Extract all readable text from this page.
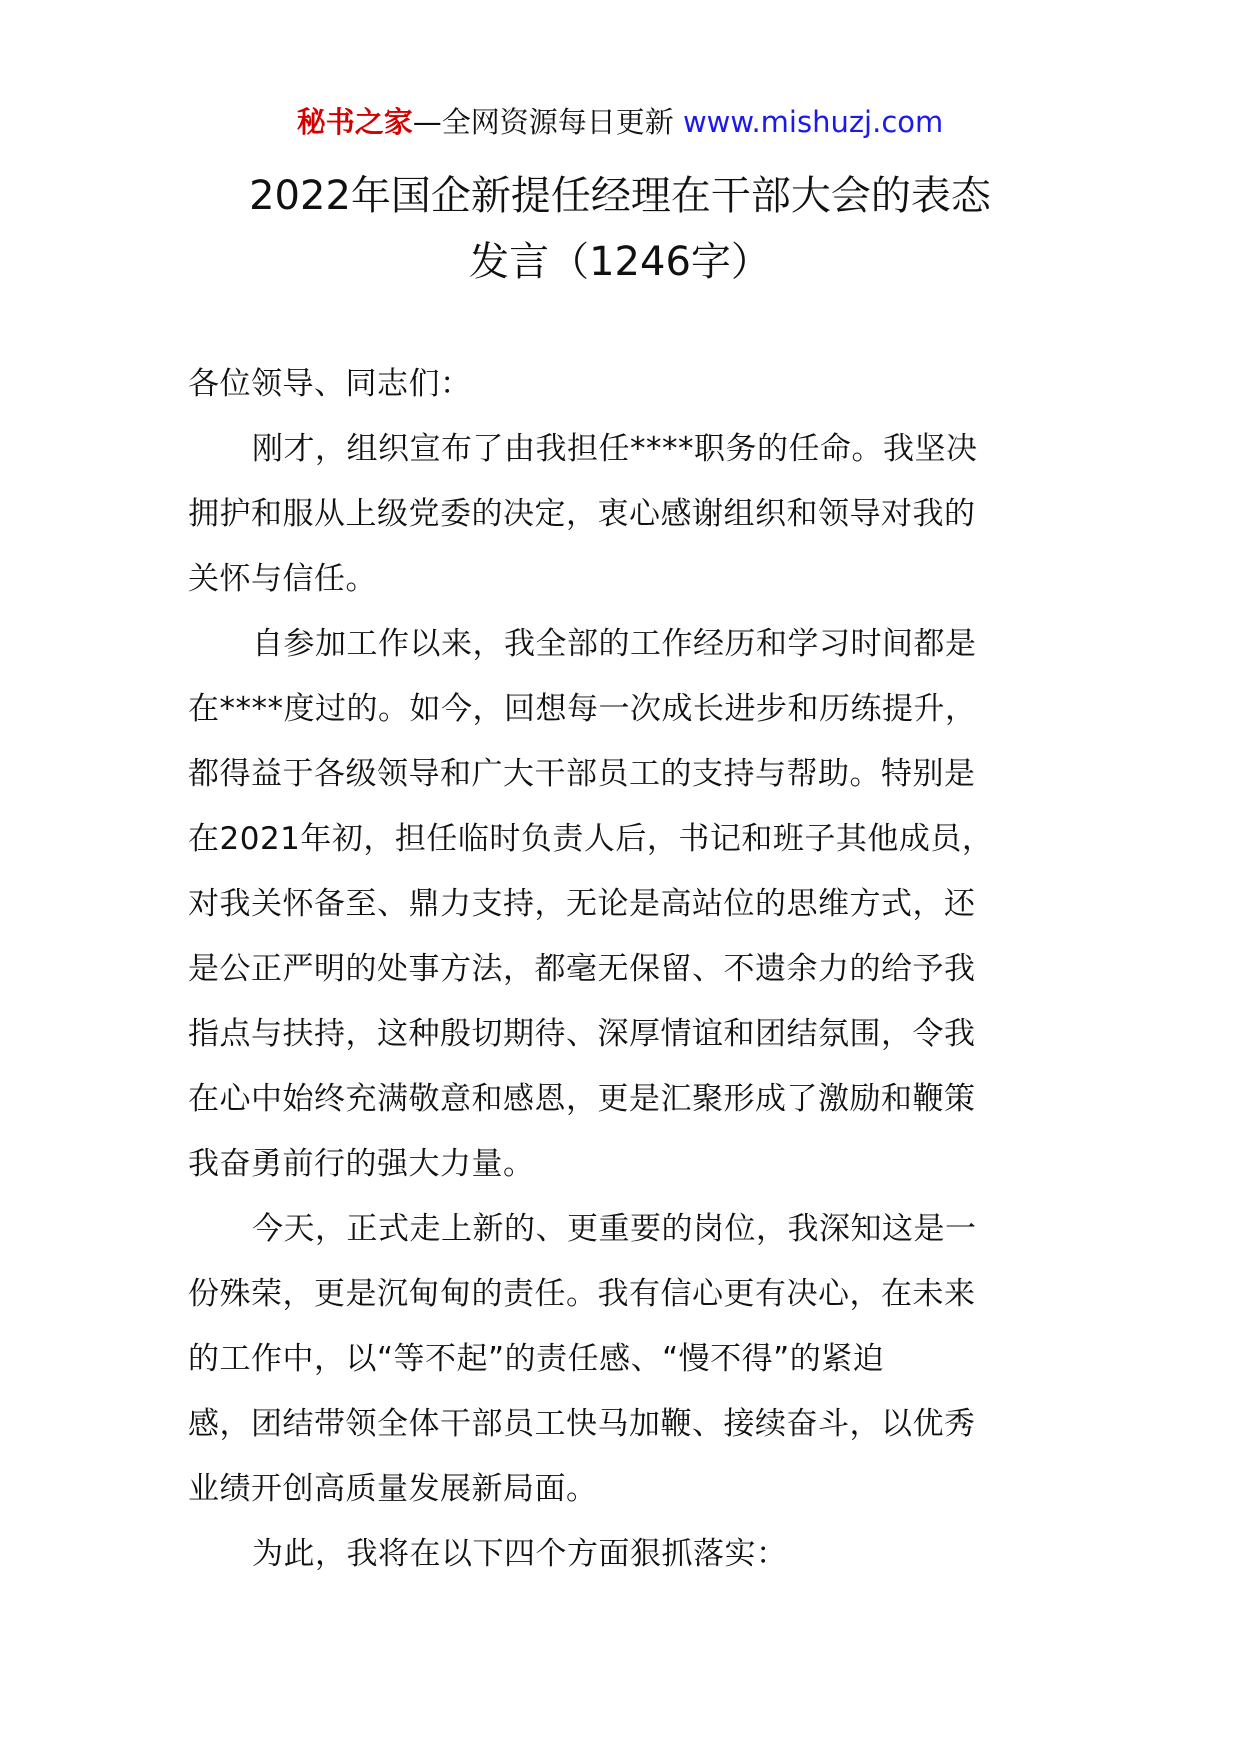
秘书之家—全网资源每日更新 www.mishuzj.com
2022年国企新提任经理在干部大会的表态
发言（1246字）

各位领导、同志们：

刚才，组织宣布了由我担任****职务的任命。我坚决
拥护和服从上级党委的决定，衷心感谢组织和领导对我的
关怀与信任。

自参加工作以来，我全部的工作经历和学习时间都是
在****度过的。如今，回想每一次成长进步和历练提升，
都得益于各级领导和广大干部员工的支持与帮助。特别是
在2021年初，担任临时负责人后，书记和班子其他成员，
对我关怀备至、鼎力支持，无论是高站位的思维方式，还
是公正严明的处事方法，都毫无保留、不遗余力的给予我
指点与扶持，这种殷切期待、深厚情谊和团结氛围，令我
在心中始终充满敬意和感恩，更是汇聚形成了激励和鞭策
我奋勇前行的强大力量。

今天，正式走上新的、更重要的岗位，我深知这是一
份殊荣，更是沉甸甸的责任。我有信心更有决心，在未来
的工作中，以“等不起”的责任感、“慢不得”的紧迫
感，团结带领全体干部员工快马加鞭、接续奋斗，以优秀
业绩开创高质量发展新局面。

为此，我将在以下四个方面狠抓落实：
